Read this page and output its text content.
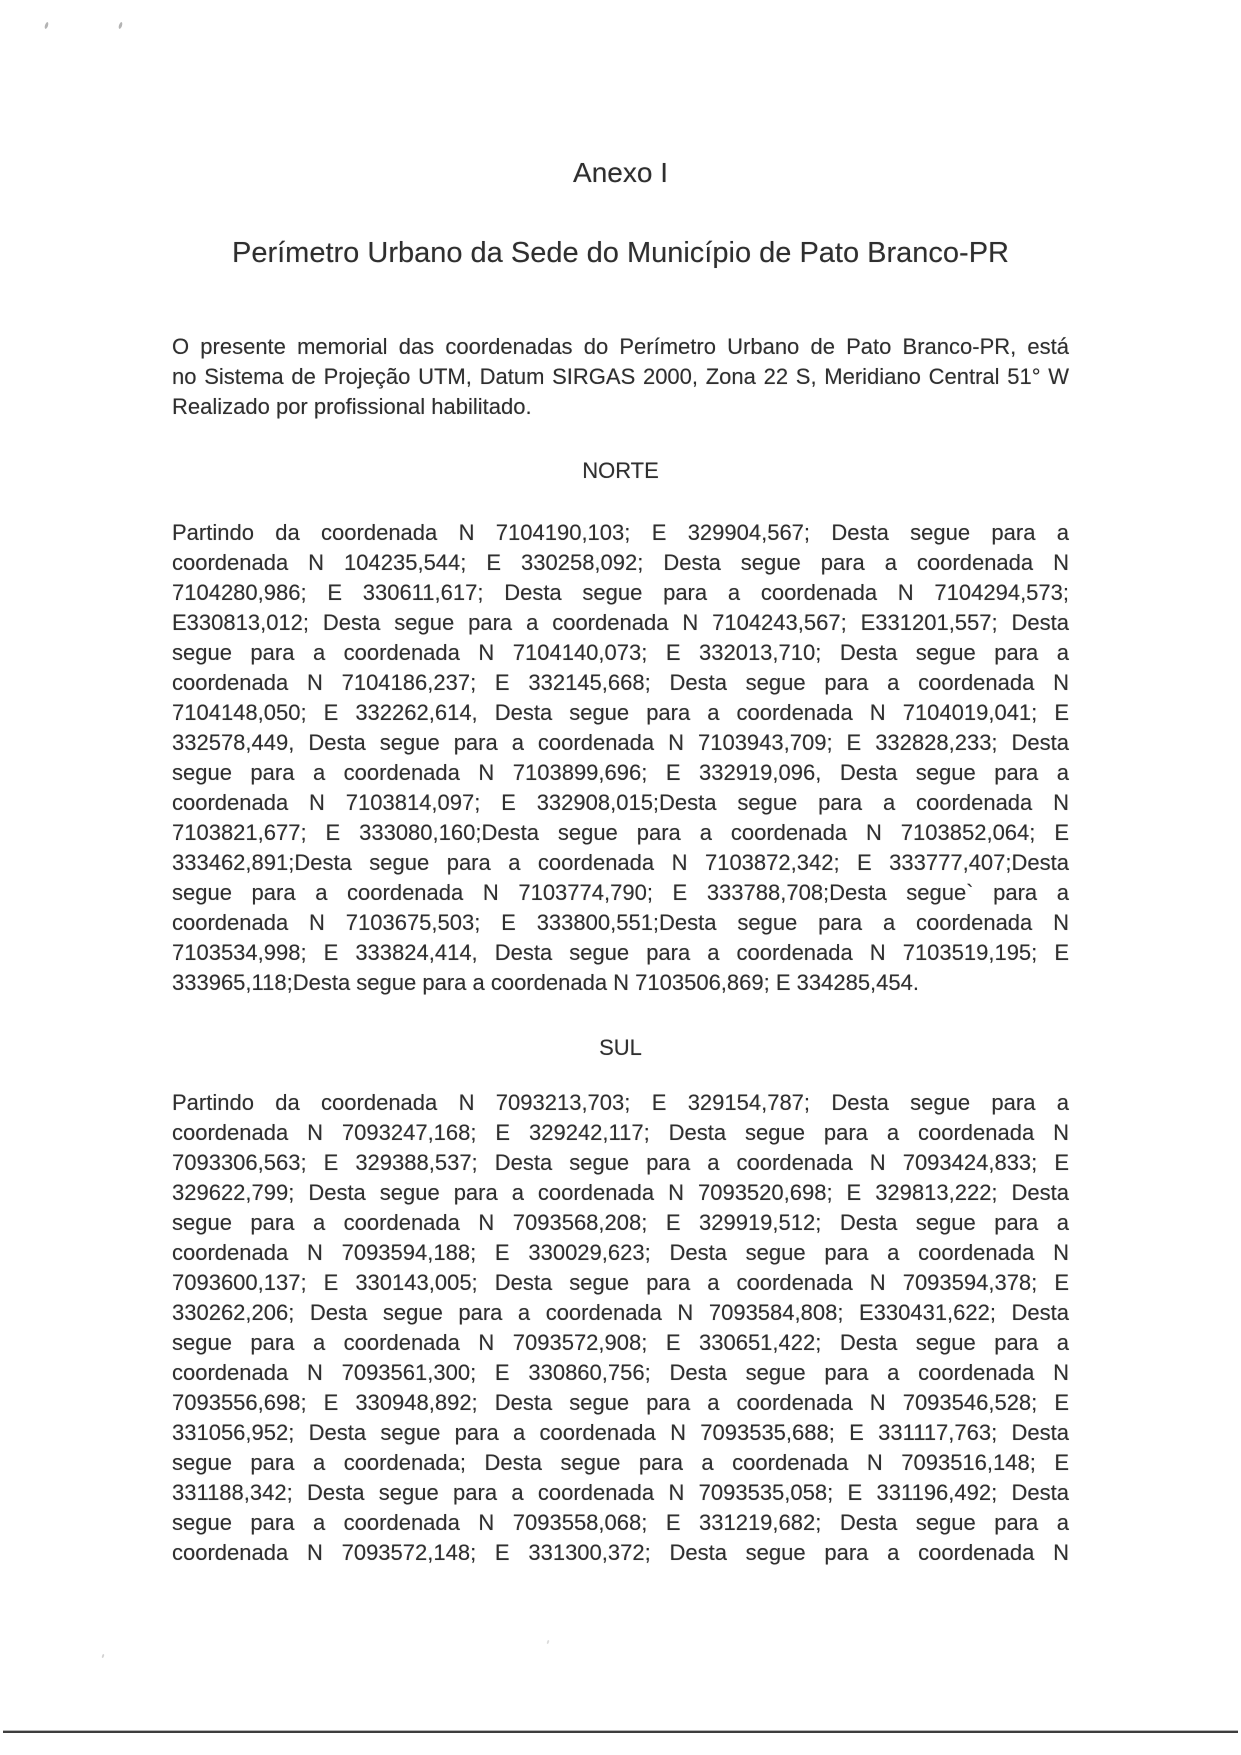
Anexo I
Perímetro Urbano da Sede do Município de Pato Branco-PR
O presente memorial das coordenadas do Perímetro Urbano de Pato Branco-PR, está
no Sistema de Projeção UTM, Datum SIRGAS 2000, Zona 22 S, Meridiano Central 51° W
Realizado por profissional habilitado.
NORTE
Partindo da coordenada N 7104190,103; E 329904,567; Desta segue para a
coordenada N 104235,544; E 330258,092; Desta segue para a coordenada N
7104280,986; E 330611,617; Desta segue para a coordenada N 7104294,573;
E330813,012; Desta segue para a coordenada N 7104243,567; E331201,557; Desta
segue para a coordenada N 7104140,073; E 332013,710; Desta segue para a
coordenada N 7104186,237; E 332145,668; Desta segue para a coordenada N
7104148,050; E 332262,614, Desta segue para a coordenada N 7104019,041; E
332578,449, Desta segue para a coordenada N 7103943,709; E 332828,233; Desta
segue para a coordenada N 7103899,696; E 332919,096, Desta segue para a
coordenada N 7103814,097; E 332908,015;Desta segue para a coordenada N
7103821,677; E 333080,160;Desta segue para a coordenada N 7103852,064; E
333462,891;Desta segue para a coordenada N 7103872,342; E 333777,407;Desta
segue para a coordenada N 7103774,790; E 333788,708;Desta segue` para a
coordenada N 7103675,503; E 333800,551;Desta segue para a coordenada N
7103534,998; E 333824,414, Desta segue para a coordenada N 7103519,195; E
333965,118;Desta segue para a coordenada N 7103506,869; E 334285,454.
SUL
Partindo da coordenada N 7093213,703; E 329154,787; Desta segue para a
coordenada N 7093247,168; E 329242,117; Desta segue para a coordenada N
7093306,563; E 329388,537; Desta segue para a coordenada N 7093424,833; E
329622,799; Desta segue para a coordenada N 7093520,698; E 329813,222; Desta
segue para a coordenada N 7093568,208; E 329919,512; Desta segue para a
coordenada N 7093594,188; E 330029,623; Desta segue para a coordenada N
7093600,137; E 330143,005; Desta segue para a coordenada N 7093594,378; E
330262,206; Desta segue para a coordenada N 7093584,808; E330431,622; Desta
segue para a coordenada N 7093572,908; E 330651,422; Desta segue para a
coordenada N 7093561,300; E 330860,756; Desta segue para a coordenada N
7093556,698; E 330948,892; Desta segue para a coordenada N 7093546,528; E
331056,952; Desta segue para a coordenada N 7093535,688; E 331117,763; Desta
segue para a coordenada; Desta segue para a coordenada N 7093516,148; E
331188,342; Desta segue para a coordenada N 7093535,058; E 331196,492; Desta
segue para a coordenada N 7093558,068; E 331219,682; Desta segue para a
coordenada N 7093572,148; E 331300,372; Desta segue para a coordenada N
